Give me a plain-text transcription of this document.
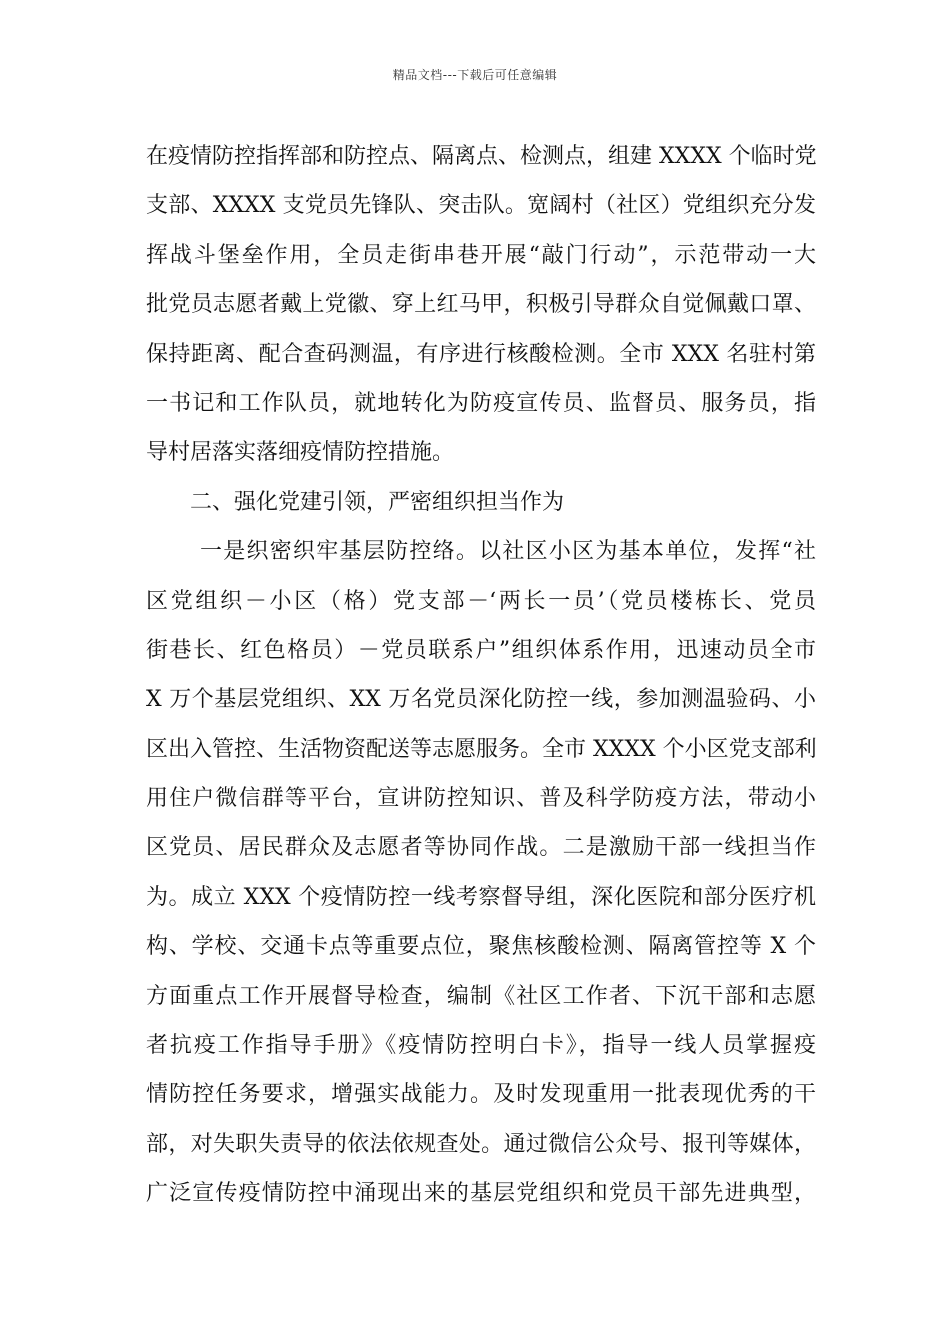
精品文档---下载后可任意编辑
在疫情防控指挥部和防控点、隔离点、检测点，组建 XXXX 个临时党
支部、XXXX 支党员先锋队、突击队。宽阔村（社区）党组织充分发
挥战斗堡垒作用，全员走街串巷开展“敲门行动”，示范带动一大
批党员志愿者戴上党徽、穿上红马甲，积极引导群众自觉佩戴口罩、
保持距离、配合查码测温，有序进行核酸检测。全市 XXX 名驻村第
一书记和工作队员，就地转化为防疫宣传员、监督员、服务员，指
导村居落实落细疫情防控措施。
二、强化党建引领，严密组织担当作为
一是织密织牢基层防控络。以社区小区为基本单位，发挥“社
区党组织－小区（格）党支部－‘两长一员’（党员楼栋长、党员
街巷长、红色格员）－党员联系户”组织体系作用，迅速动员全市
X 万个基层党组织、XX 万名党员深化防控一线，参加测温验码、小
区出入管控、生活物资配送等志愿服务。全市 XXXX 个小区党支部利
用住户微信群等平台，宣讲防控知识、普及科学防疫方法，带动小
区党员、居民群众及志愿者等协同作战。二是激励干部一线担当作
为。成立 XXX 个疫情防控一线考察督导组，深化医院和部分医疗机
构、学校、交通卡点等重要点位，聚焦核酸检测、隔离管控等 X 个
方面重点工作开展督导检查，编制《社区工作者、下沉干部和志愿
者抗疫工作指导手册》《疫情防控明白卡》，指导一线人员掌握疫
情防控任务要求，增强实战能力。及时发现重用一批表现优秀的干
部，对失职失责导的依法依规查处。通过微信公众号、报刊等媒体，
广泛宣传疫情防控中涌现出来的基层党组织和党员干部先进典型，
